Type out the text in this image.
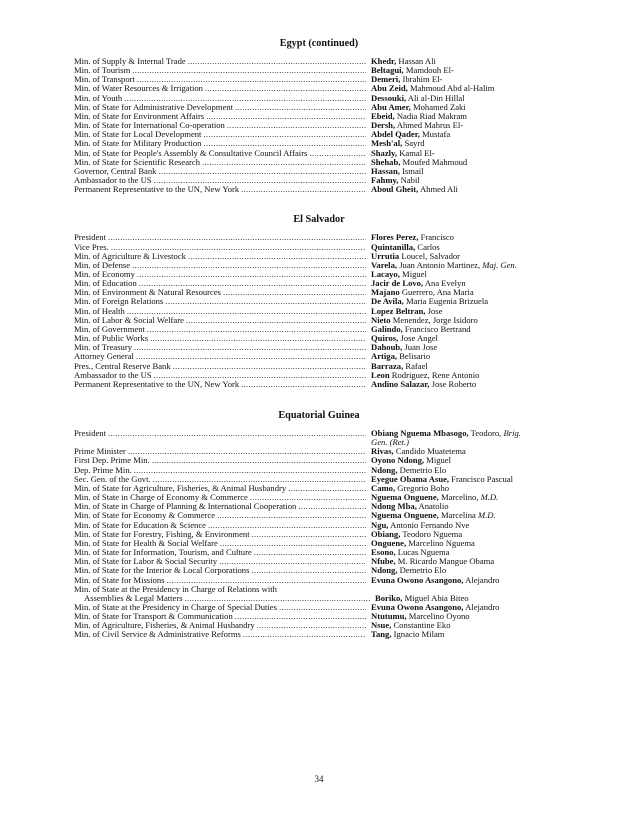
Egypt (continued)
Min. of Supply & Internal Trade .....	Khedr, Hassan Ali
Min. of Tourism .....	Beltagui, Mamdouh El-
Min. of Transport .....	Demeri, Ibrahim El-
Min. of Water Resources & Irrigation .....	Abu Zeid, Mahmoud Abd al-Halim
Min. of Youth .....	Dessouki, Ali al-Din Hillal
Min. of State for Administrative Development .....	Abu Amer, Mohamed Zaki
Min. of State for Environment Affairs .....	Ebeid, Nadia Riad Makram
Min. of State for International Co-operation .....	Dersh, Ahmed Mahrus El-
Min. of State for Local Development .....	Abdel Qader, Mustafa
Min. of State for Military Production .....	Mesh'al, Sayrd
Min. of State for People's Assembly & Consultative Council Affairs .....	Shazly, Kamal El-
Min. of State for Scientific Research .....	Shehab, Moufed Mahmoud
Governor, Central Bank .....	Hassan, Ismail
Ambassador to the US .....	Fahmy, Nabil
Permanent Representative to the UN, New York .....	Aboul Gheit, Ahmed Ali
El Salvador
President .....	Flores Perez, Francisco
Vice Pres. .....	Quintanilla, Carlos
Min. of Agriculture & Livestock .....	Urrutia Loucel, Salvador
Min. of Defense .....	Varela, Juan Antonio Martinez, Maj. Gen.
Min. of Economy .....	Lacayo, Miguel
Min. of Education .....	Jacir de Lovo, Ana Evelyn
Min. of Environment & Natural Resources .....	Majano Guerrero, Ana Maria
Min. of Foreign Relations .....	De Avila, Maria Eugenia Brizuela
Min. of Health .....	Lopez Beltran, Jose
Min. of Labor & Social Welfare .....	Nieto Menendez, Jorge Isidoro
Min. of Government .....	Galindo, Francisco Bertrand
Min. of Public Works .....	Quiros, Jose Angel
Min. of Treasury .....	Dahoub, Juan Jose
Attorney General .....	Artiga, Belisario
Pres., Central Reserve Bank .....	Barraza, Rafael
Ambassador to the US .....	Leon Rodriguez, Rene Antonio
Permanent Representative to the UN, New York .....	Andino Salazar, Jose Roberto
Equatorial Guinea
President .....	Obiang Nguema Mbasogo, Teodoro, Brig.
Gen. (Ret.)
Prime Minister .....	Rivas, Candido Muatetema
First Dep. Prime Min. .....	Oyono Ndong, Miguel
Dep. Prime Min. .....	Ndong, Demetrio Elo
Sec. Gen. of the Govt. .....	Eyegue Obama Asue, Francisco Pascual
Min. of State for Agriculture, Fisheries, & Animal Husbandry .....	Camo, Gregorio Boho
Min. of State in Charge of Economy & Commerce .....	Nguema Onguene, Marcelino, M.D.
Min. of State in Charge of Planning & International Cooperation .....	Ndong Mba, Anatolio
Min. of State for Economy & Commerce .....	Nguema Onguene, Marcelina M.D.
Min. of State for Education & Science .....	Ngu, Antonio Fernando Nve
Min. of State for Forestry, Fishing, & Environment .....	Obiang, Teodoro Nguema
Min. of State for Health & Social Welfare .....	Onguene, Marcelino Nguema
Min. of State for Information, Tourism, and Culture .....	Esono, Lucas Nguema
Min. of State for Labor & Social Security .....	Nfube, M. Ricardo Mangue Obama
Min. of State for the Interior & Local Corporations .....	Ndong, Demetrio Elo
Min. of State for Missions .....	Evuna Owono Asangono, Alejandro
Min. of State at the Presidency in Charge of Relations with
Assemblies & Legal Matters .....	Boriko, Miguel Abia Biteo
Min. of State at the Presidency in Charge of Special Duties .....	Evuna Owono Asangono, Alejandro
Min. of State for Transport & Communication .....	Ntutumu, Marcelino Oyono
Min. of Agriculture, Fisheries, & Animal Husbandry .....	Nsue, Constantine Eko
Min. of Civil Service & Administrative Reforms .....	Tang, Ignacio Milam
34
